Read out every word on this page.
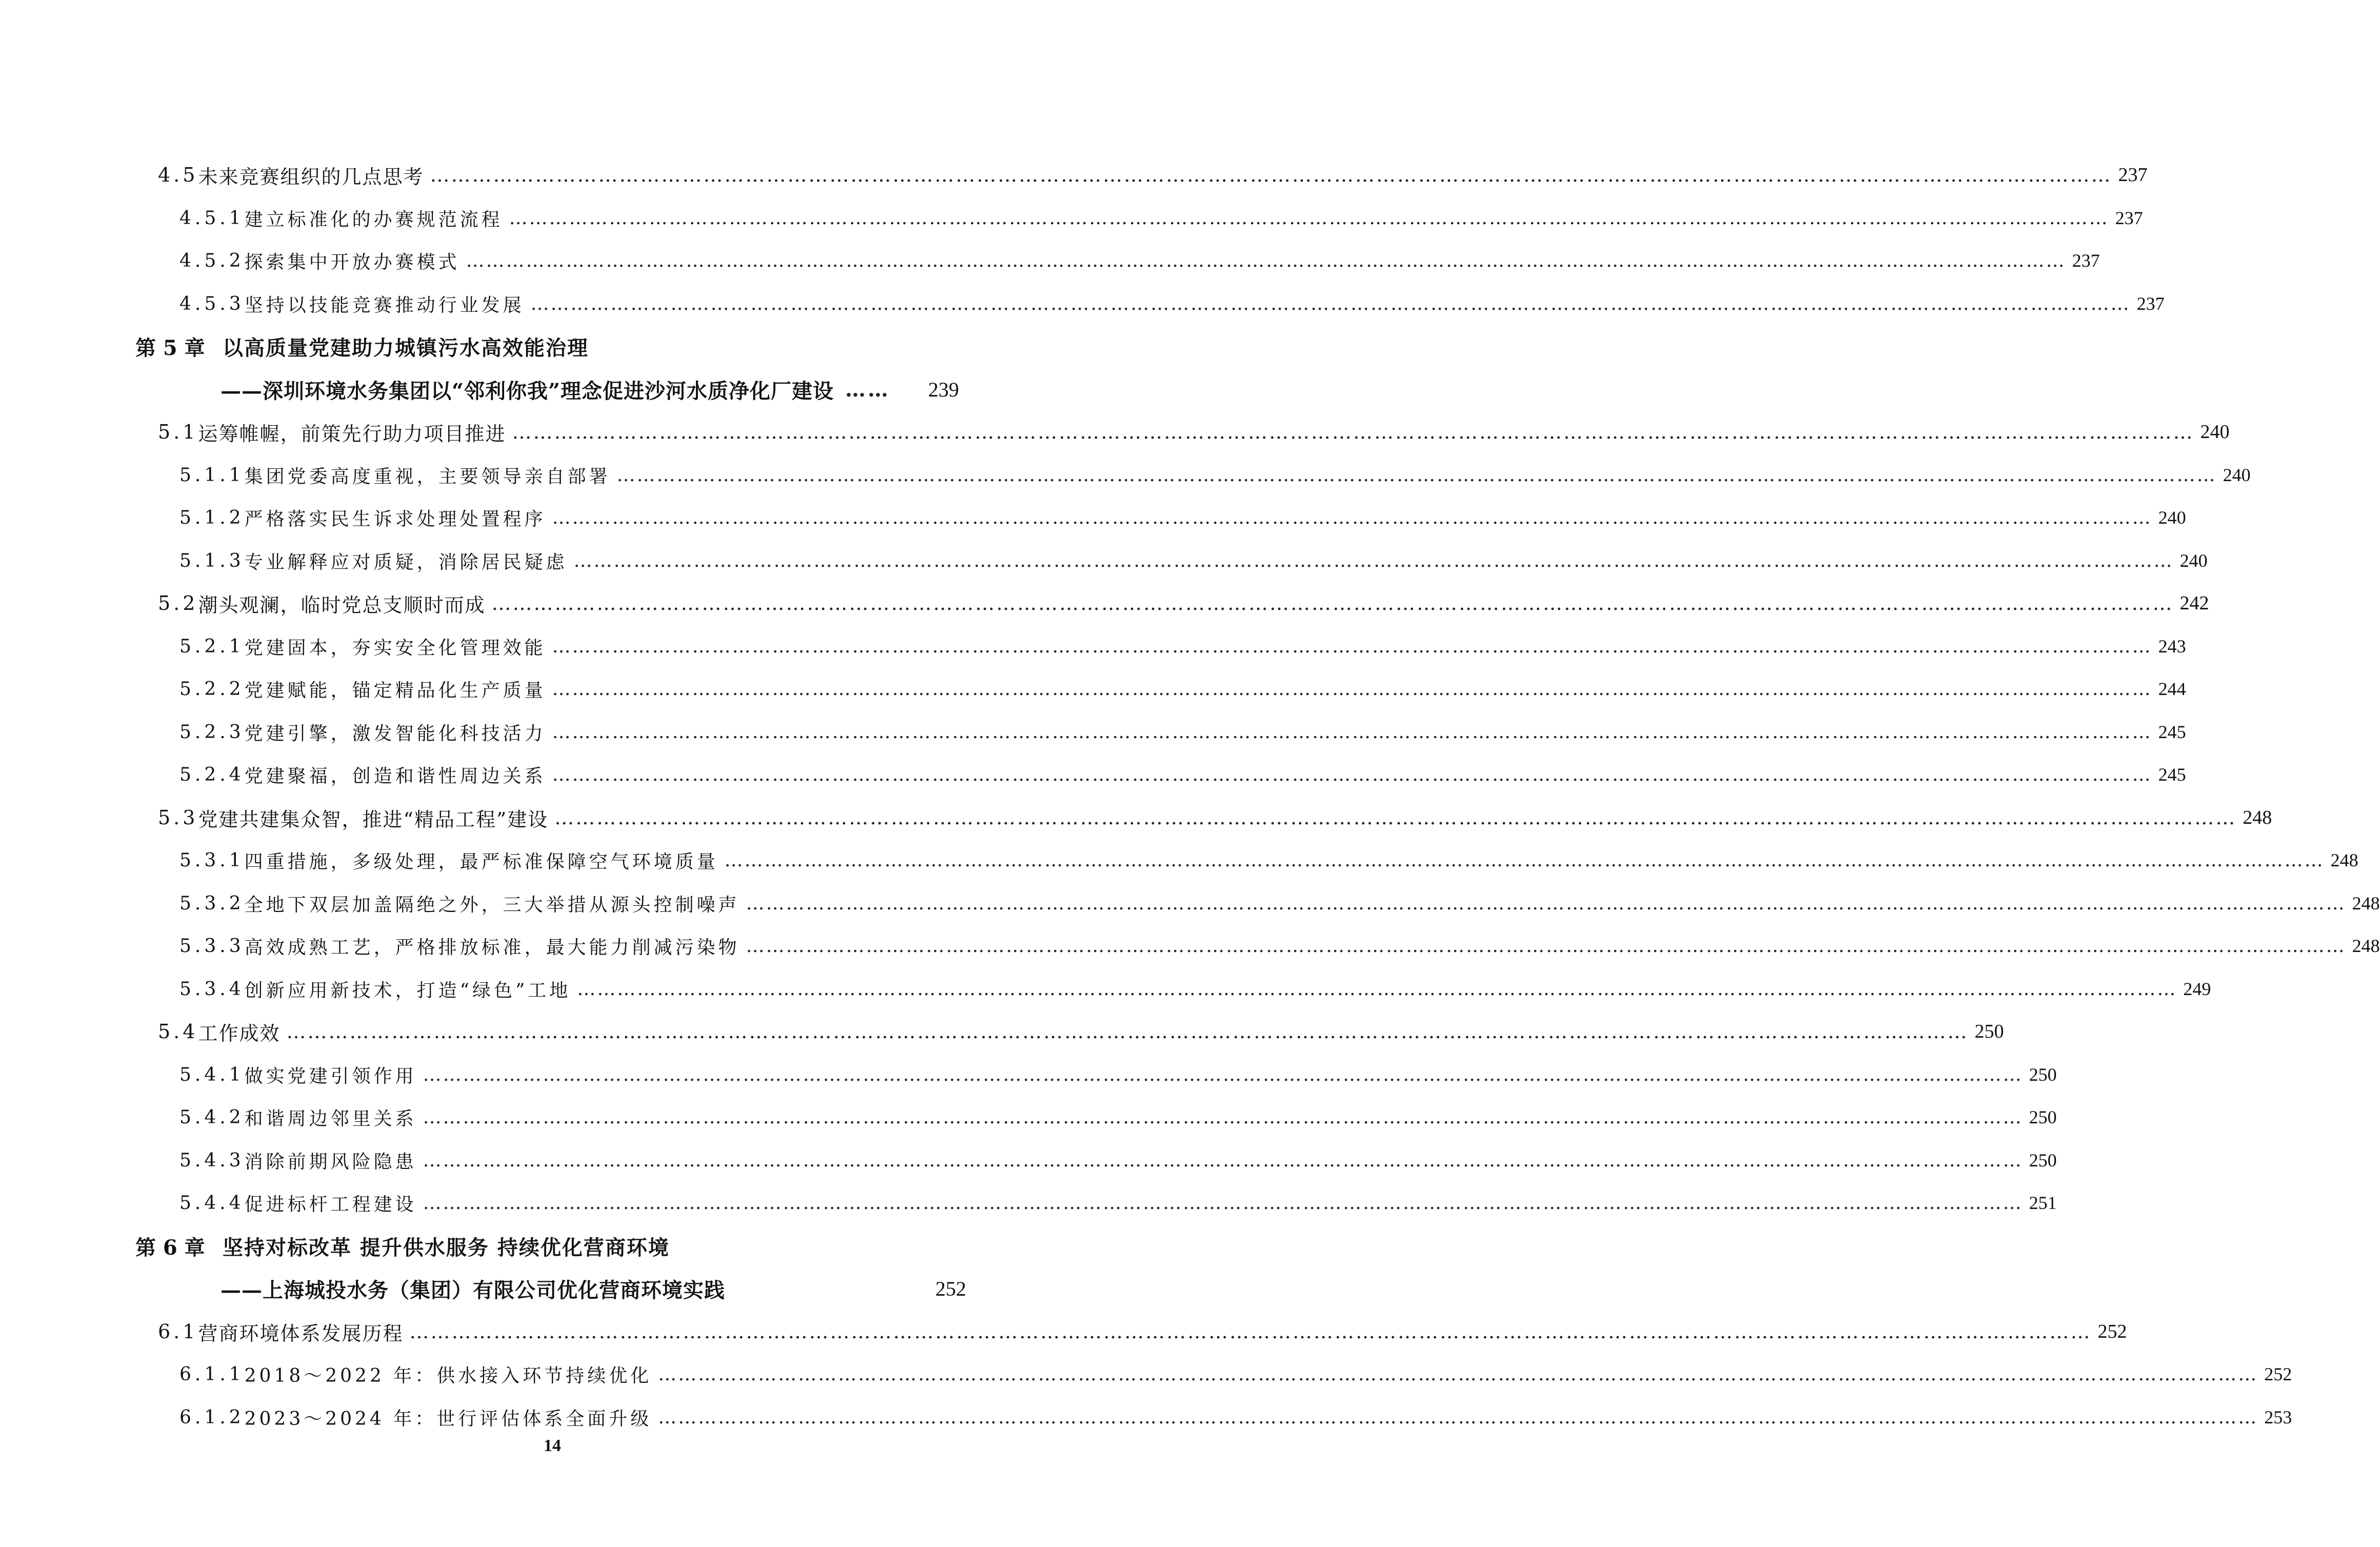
4.5 未来竞赛组织的几点思考 …………………………………………………………………………………………………………………………………………………………………………………………………………………… 237
4.5.1 建立标准化的办赛规范流程 …………………………………………………………………………………………………………………………………………………………………………………………………………………… 237
4.5.2 探索集中开放办赛模式 …………………………………………………………………………………………………………………………………………………………………………………………………………………… 237
4.5.3 坚持以技能竞赛推动行业发展 …………………………………………………………………………………………………………………………………………………………………………………………………………………… 237
第 5 章 以高质量党建助力城镇污水高效能治理
——深圳环境水务集团以“邻利你我”理念促进沙河水质净化厂建设 ……	239
5.1 运筹帷幄，前策先行助力项目推进 …………………………………………………………………………………………………………………………………………………………………………………………………………………… 240
5.1.1 集团党委高度重视，主要领导亲自部署 …………………………………………………………………………………………………………………………………………………………………………………………………………………… 240
5.1.2 严格落实民生诉求处理处置程序 …………………………………………………………………………………………………………………………………………………………………………………………………………………… 240
5.1.3 专业解释应对质疑，消除居民疑虑 …………………………………………………………………………………………………………………………………………………………………………………………………………………… 240
5.2 潮头观澜，临时党总支顺时而成 …………………………………………………………………………………………………………………………………………………………………………………………………………………… 242
5.2.1 党建固本，夯实安全化管理效能 …………………………………………………………………………………………………………………………………………………………………………………………………………………… 243
5.2.2 党建赋能，锚定精品化生产质量 …………………………………………………………………………………………………………………………………………………………………………………………………………………… 244
5.2.3 党建引擎，激发智能化科技活力 …………………………………………………………………………………………………………………………………………………………………………………………………………………… 245
5.2.4 党建聚福，创造和谐性周边关系 …………………………………………………………………………………………………………………………………………………………………………………………………………………… 245
5.3 党建共建集众智，推进“精品工程”建设 …………………………………………………………………………………………………………………………………………………………………………………………………………………… 248
5.3.1 四重措施，多级处理，最严标准保障空气环境质量 …………………………………………………………………………………………………………………………………………………………………………………………………………………… 248
5.3.2 全地下双层加盖隔绝之外，三大举措从源头控制噪声 …………………………………………………………………………………………………………………………………………………………………………………………………………………… 248
5.3.3 高效成熟工艺，严格排放标准，最大能力削减污染物 …………………………………………………………………………………………………………………………………………………………………………………………………………………… 248
5.3.4 创新应用新技术，打造“绿色”工地 …………………………………………………………………………………………………………………………………………………………………………………………………………………… 249
5.4 工作成效 …………………………………………………………………………………………………………………………………………………………………………………………………………………… 250
5.4.1 做实党建引领作用 …………………………………………………………………………………………………………………………………………………………………………………………………………………… 250
5.4.2 和谐周边邻里关系 …………………………………………………………………………………………………………………………………………………………………………………………………………………… 250
5.4.3 消除前期风险隐患 …………………………………………………………………………………………………………………………………………………………………………………………………………………… 250
5.4.4 促进标杆工程建设 …………………………………………………………………………………………………………………………………………………………………………………………………………………… 251
第 6 章 坚持对标改革 提升供水服务 持续优化营商环境
——上海城投水务（集团）有限公司优化营商环境实践	252
6.1 营商环境体系发展历程 …………………………………………………………………………………………………………………………………………………………………………………………………………………… 252
6.1.1 2018～2022 年：供水接入环节持续优化 …………………………………………………………………………………………………………………………………………………………………………………………………………………… 252
6.1.2 2023～2024 年：世行评估体系全面升级 …………………………………………………………………………………………………………………………………………………………………………………………………………………… 253
14
